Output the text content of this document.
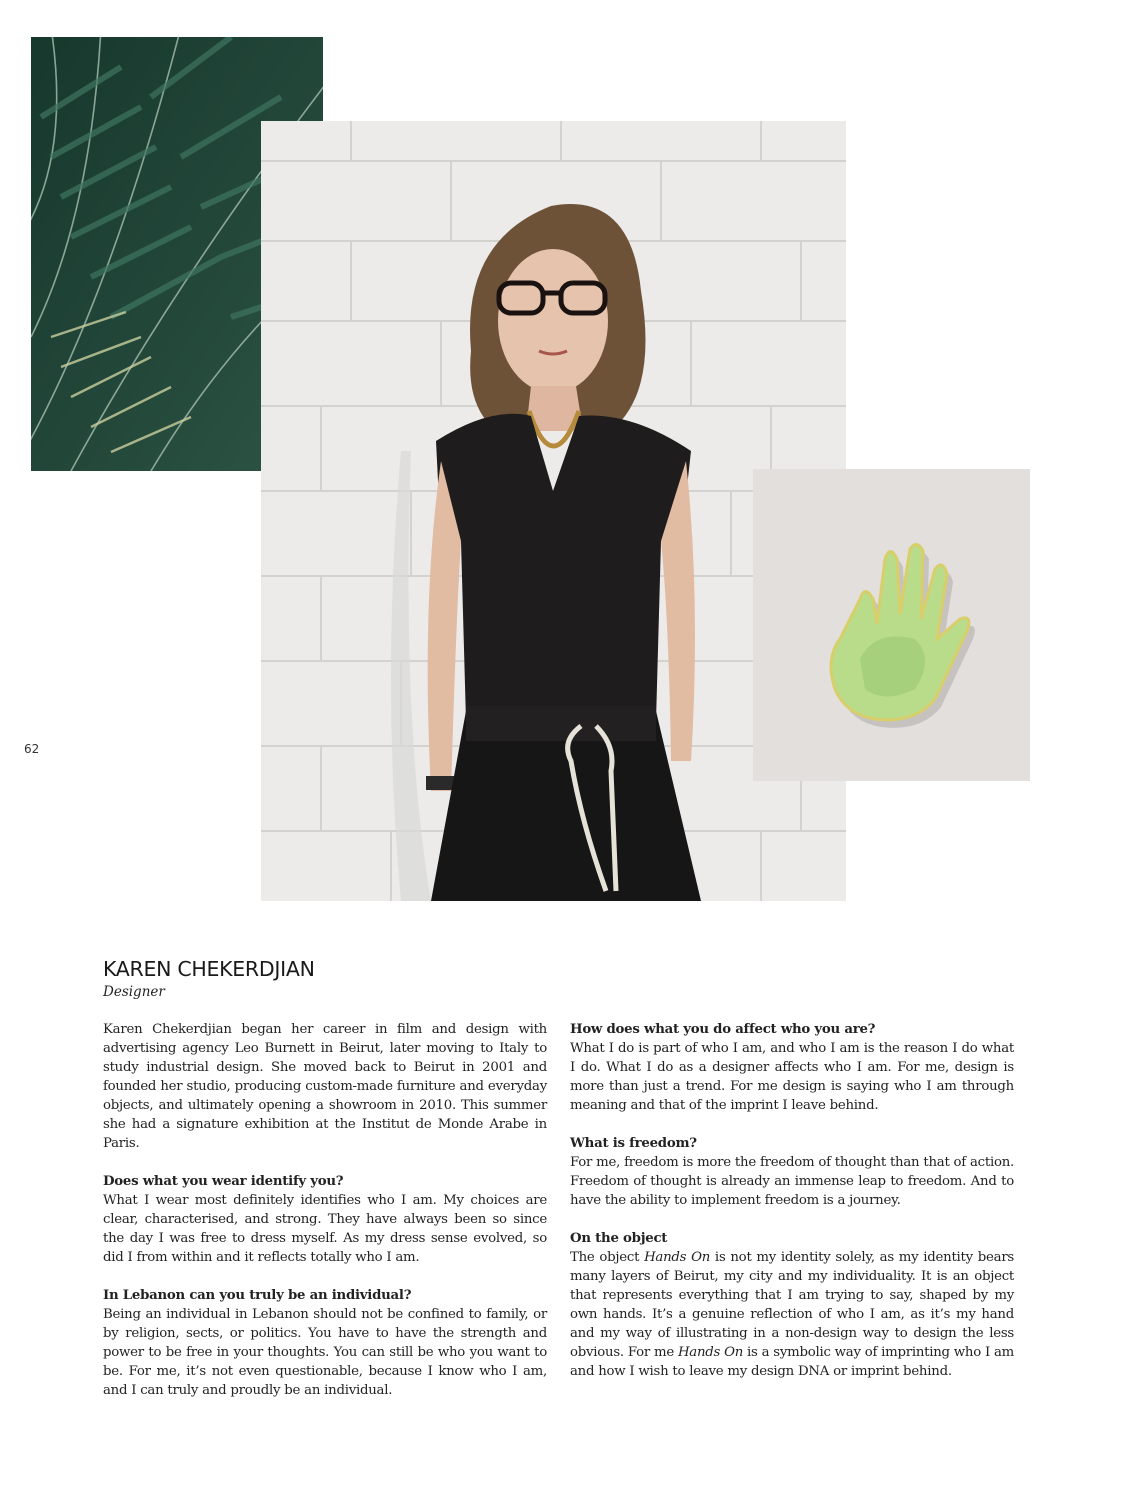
62
KAREN CHEKERDJIAN
Designer

Karen Chekerdjian began her career in film and design with advertising agency Leo Burnett in Beirut, later moving to Italy to study industrial design. She moved back to Beirut in 2001 and founded her studio, producing custom-made furniture and everyday objects, and ultimately opening a showroom in 2010. This summer she had a signature exhibition at the Institut de Monde Arabe in Paris.

Does what you wear identify you?

What I wear most definitely identifies who I am. My choices are clear, characterised, and strong. They have always been so since the day I was free to dress myself. As my dress sense evolved, so did I from within and it reflects totally who I am.

In Lebanon can you truly be an individual?

Being an individual in Lebanon should not be confined to family, or by religion, sects, or politics. You have to have the strength and power to be free in your thoughts. You can still be who you want to be. For me, it’s not even questionable, because I know who I am, and I can truly and proudly be an individual.

How does what you do affect who you are?

What I do is part of who I am, and who I am is the reason I do what I do. What I do as a designer affects who I am. For me, design is more than just a trend. For me design is saying who I am through meaning and that of the imprint I leave behind.

What is freedom?

For me, freedom is more the freedom of thought than that of action. Freedom of thought is already an immense leap to freedom. And to have the ability to implement freedom is a journey.

On the object

The object Hands On is not my identity solely, as my identity bears many layers of Beirut, my city and my individuality. It is an object that represents everything that I am trying to say, shaped by my own hands. It’s a genuine reflection of who I am, as it’s my hand and my way of illustrating in a non-design way to design the less obvious. For me Hands On is a symbolic way of imprinting who I am and how I wish to leave my design DNA or imprint behind.
